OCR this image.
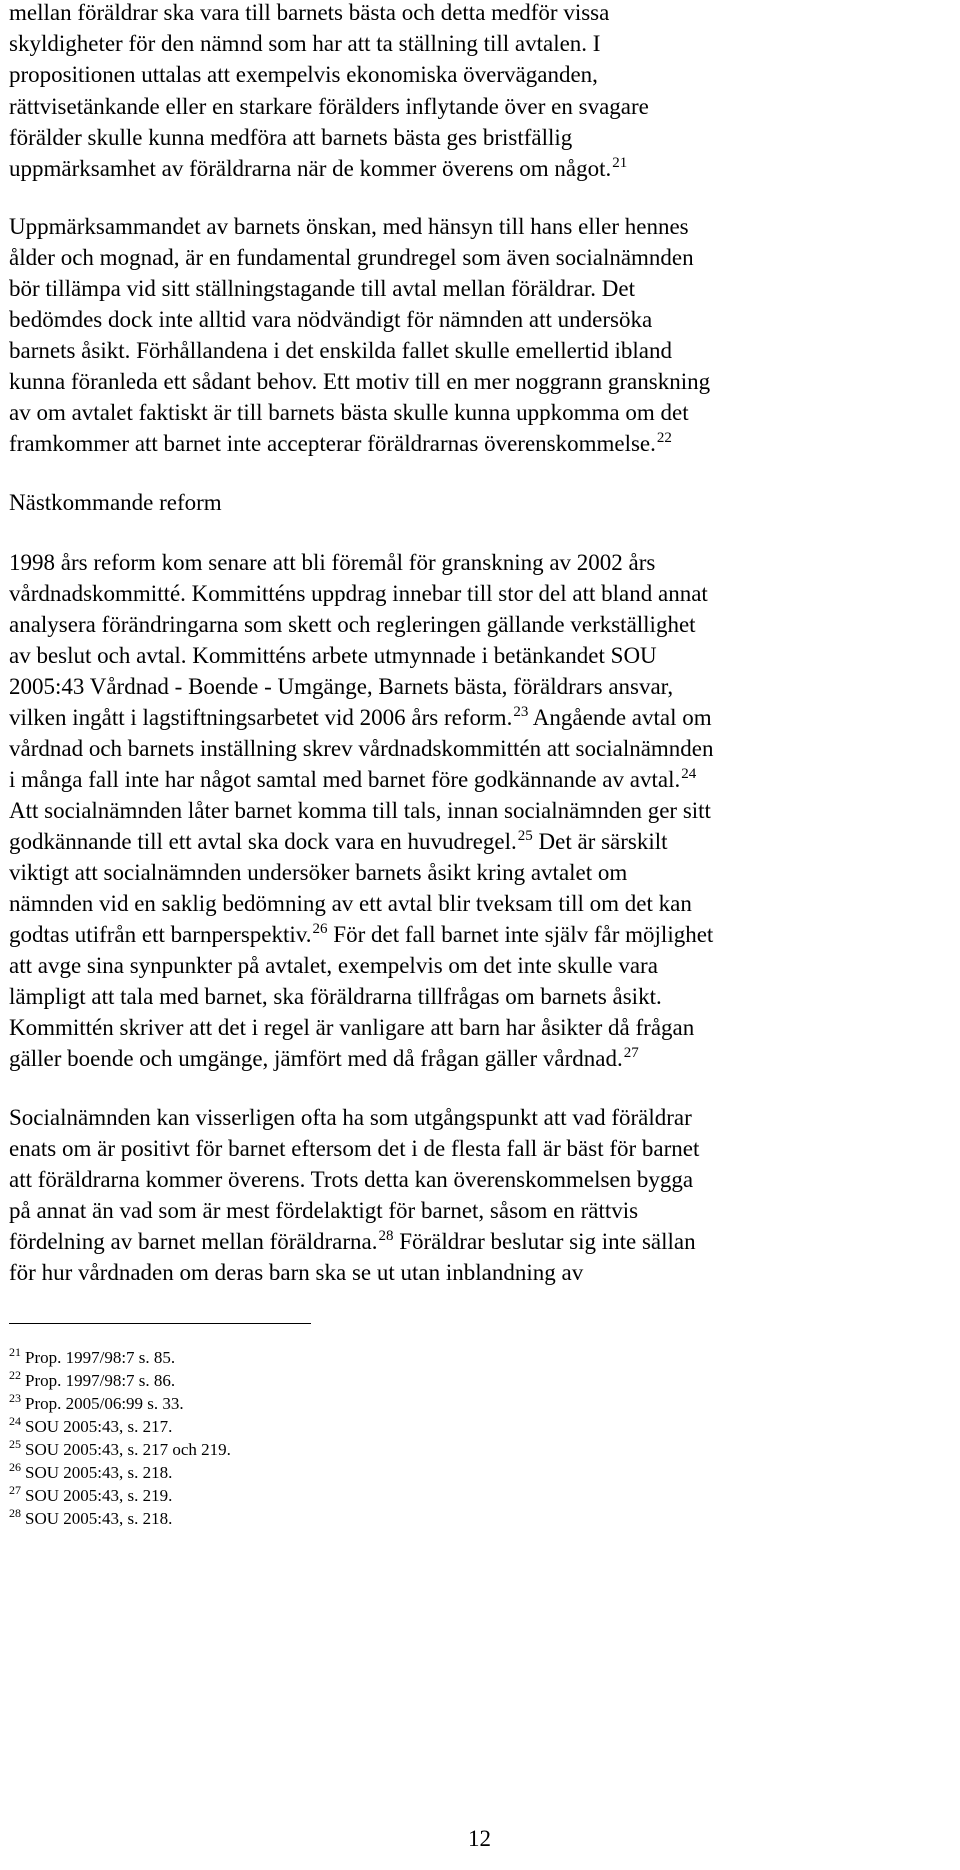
mellan föräldrar ska vara till barnets bästa och detta medför vissa
skyldigheter för den nämnd som har att ta ställning till avtalen. I
propositionen uttalas att exempelvis ekonomiska överväganden,
rättvisetänkande eller en starkare förälders inflytande över en svagare
förälder skulle kunna medföra att barnets bästa ges bristfällig
uppmärksamhet av föräldrarna när de kommer överens om något.$^{21}$
Uppmärksammandet av barnets önskan, med hänsyn till hans eller hennes
ålder och mognad, är en fundamental grundregel som även socialnämnden
bör tillämpa vid sitt ställningstagande till avtal mellan föräldrar. Det
bedömdes dock inte alltid vara nödvändigt för nämnden att undersöka
barnets åsikt. Förhållandena i det enskilda fallet skulle emellertid ibland
kunna föranleda ett sådant behov. Ett motiv till en mer noggrann granskning
av om avtalet faktiskt är till barnets bästa skulle kunna uppkomma om det
framkommer att barnet inte accepterar föräldrarnas överenskommelse.$^{22}$
Nästkommande reform
1998 års reform kom senare att bli föremål för granskning av 2002 års
vårdnadskommitté. Kommitténs uppdrag innebar till stor del att bland annat
analysera förändringarna som skett och regleringen gällande verkställighet
av beslut och avtal. Kommitténs arbete utmynnade i betänkandet SOU
2005:43 Vårdnad - Boende - Umgänge, Barnets bästa, föräldrars ansvar,
vilken ingått i lagstiftningsarbetet vid 2006 års reform.$^{23}$ Angående avtal om
vårdnad och barnets inställning skrev vårdnadskommittén att socialnämnden
i många fall inte har något samtal med barnet före godkännande av avtal.$^{24}$
Att socialnämnden låter barnet komma till tals, innan socialnämnden ger sitt
godkännande till ett avtal ska dock vara en huvudregel.$^{25}$ Det är särskilt
viktigt att socialnämnden undersöker barnets åsikt kring avtalet om
nämnden vid en saklig bedömning av ett avtal blir tveksam till om det kan
godtas utifrån ett barnperspektiv.$^{26}$ För det fall barnet inte själv får möjlighet
att avge sina synpunkter på avtalet, exempelvis om det inte skulle vara
lämpligt att tala med barnet, ska föräldrarna tillfrågas om barnets åsikt.
Kommittén skriver att det i regel är vanligare att barn har åsikter då frågan
gäller boende och umgänge, jämfört med då frågan gäller vårdnad.$^{27}$
Socialnämnden kan visserligen ofta ha som utgångspunkt att vad föräldrar
enats om är positivt för barnet eftersom det i de flesta fall är bäst för barnet
att föräldrarna kommer överens. Trots detta kan överenskommelsen bygga
på annat än vad som är mest fördelaktigt för barnet, såsom en rättvis
fördelning av barnet mellan föräldrarna.$^{28}$ Föräldrar beslutar sig inte sällan
för hur vårdnaden om deras barn ska se ut utan inblandning av
$^{21}$ Prop. 1997/98:7 s. 85.
$^{22}$ Prop. 1997/98:7 s. 86.
$^{23}$ Prop. 2005/06:99 s. 33.
$^{24}$ SOU 2005:43, s. 217.
$^{25}$ SOU 2005:43, s. 217 och 219.
$^{26}$ SOU 2005:43, s. 218.
$^{27}$ SOU 2005:43, s. 219.
$^{28}$ SOU 2005:43, s. 218.
12
